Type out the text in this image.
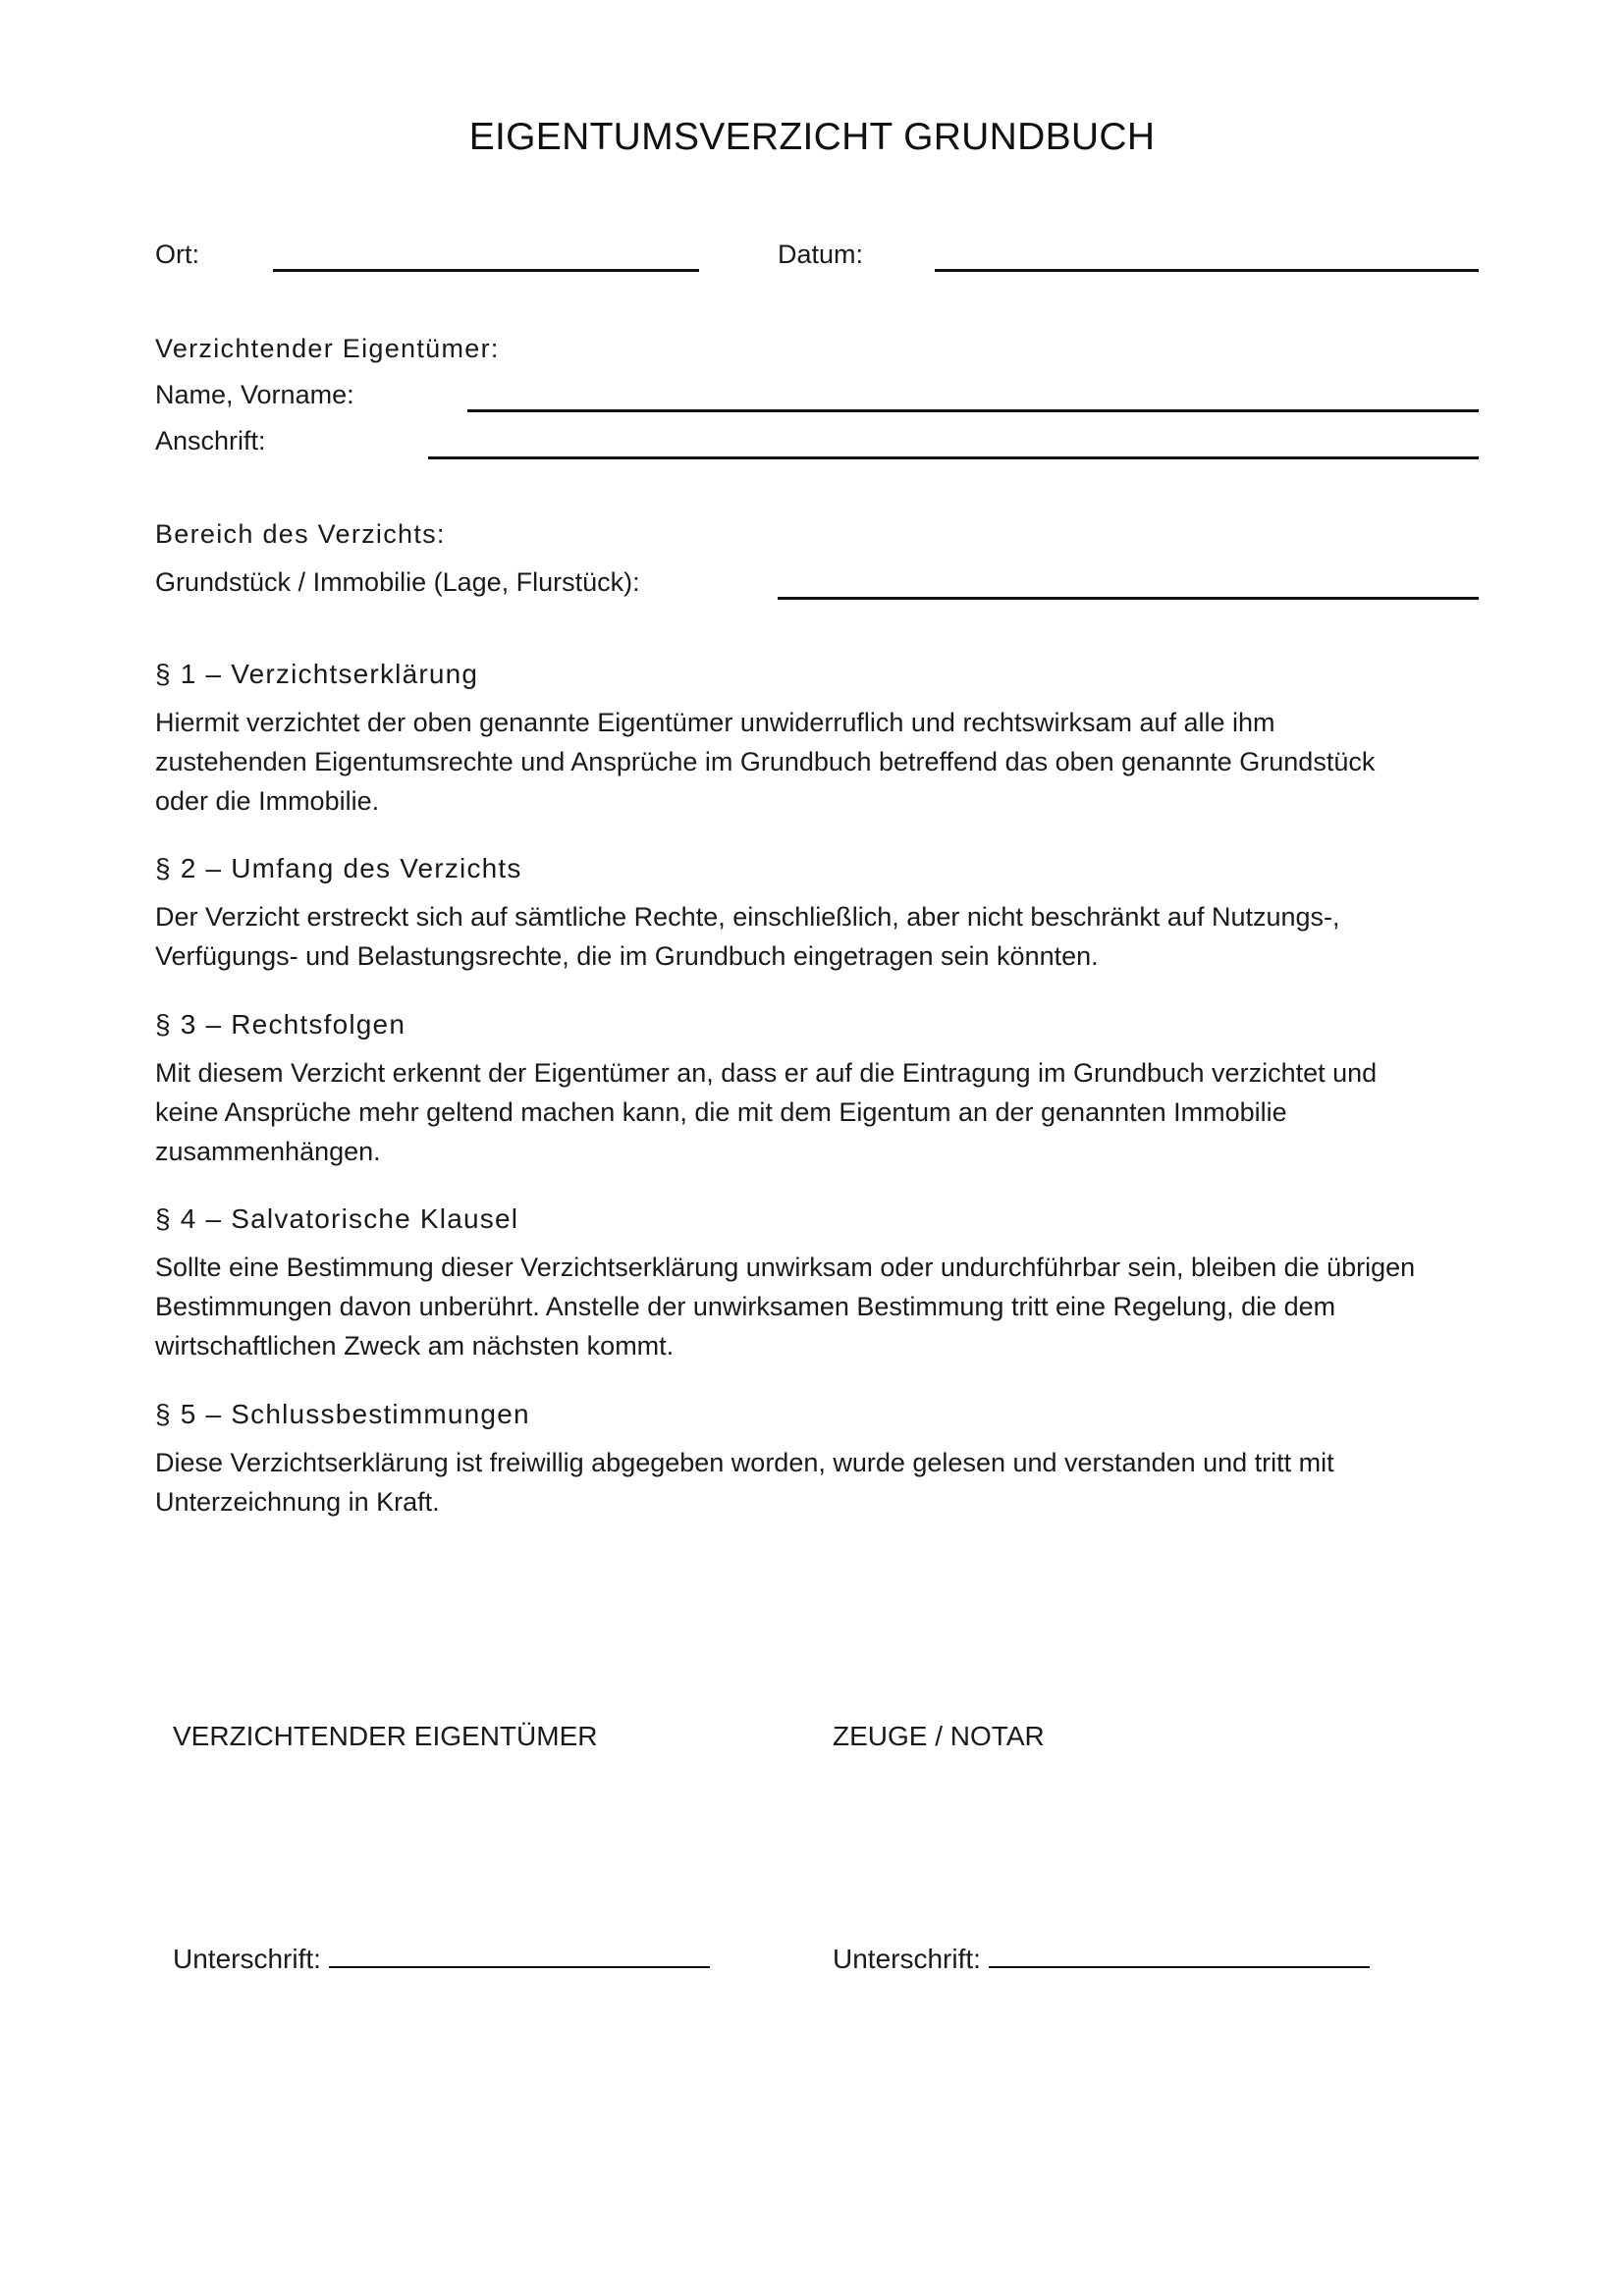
EIGENTUMSVERZICHT GRUNDBUCH
Ort:	Datum:
Verzichtender Eigentümer:
Name, Vorname:
Anschrift:
Bereich des Verzichts:
Grundstück / Immobilie (Lage, Flurstück):
§ 1 – Verzichtserklärung
Hiermit verzichtet der oben genannte Eigentümer unwiderruflich und rechtswirksam auf alle ihm
zustehenden Eigentumsrechte und Ansprüche im Grundbuch betreffend das oben genannte Grundstück
oder die Immobilie.
§ 2 – Umfang des Verzichts
Der Verzicht erstreckt sich auf sämtliche Rechte, einschließlich, aber nicht beschränkt auf Nutzungs-,
Verfügungs- und Belastungsrechte, die im Grundbuch eingetragen sein könnten.
§ 3 – Rechtsfolgen
Mit diesem Verzicht erkennt der Eigentümer an, dass er auf die Eintragung im Grundbuch verzichtet und
keine Ansprüche mehr geltend machen kann, die mit dem Eigentum an der genannten Immobilie
zusammenhängen.
§ 4 – Salvatorische Klausel
Sollte eine Bestimmung dieser Verzichtserklärung unwirksam oder undurchführbar sein, bleiben die übrigen
Bestimmungen davon unberührt. Anstelle der unwirksamen Bestimmung tritt eine Regelung, die dem
wirtschaftlichen Zweck am nächsten kommt.
§ 5 – Schlussbestimmungen
Diese Verzichtserklärung ist freiwillig abgegeben worden, wurde gelesen und verstanden und tritt mit
Unterzeichnung in Kraft.
VERZICHTENDER EIGENTÜMER	ZEUGE / NOTAR
Unterschrift:	Unterschrift:
